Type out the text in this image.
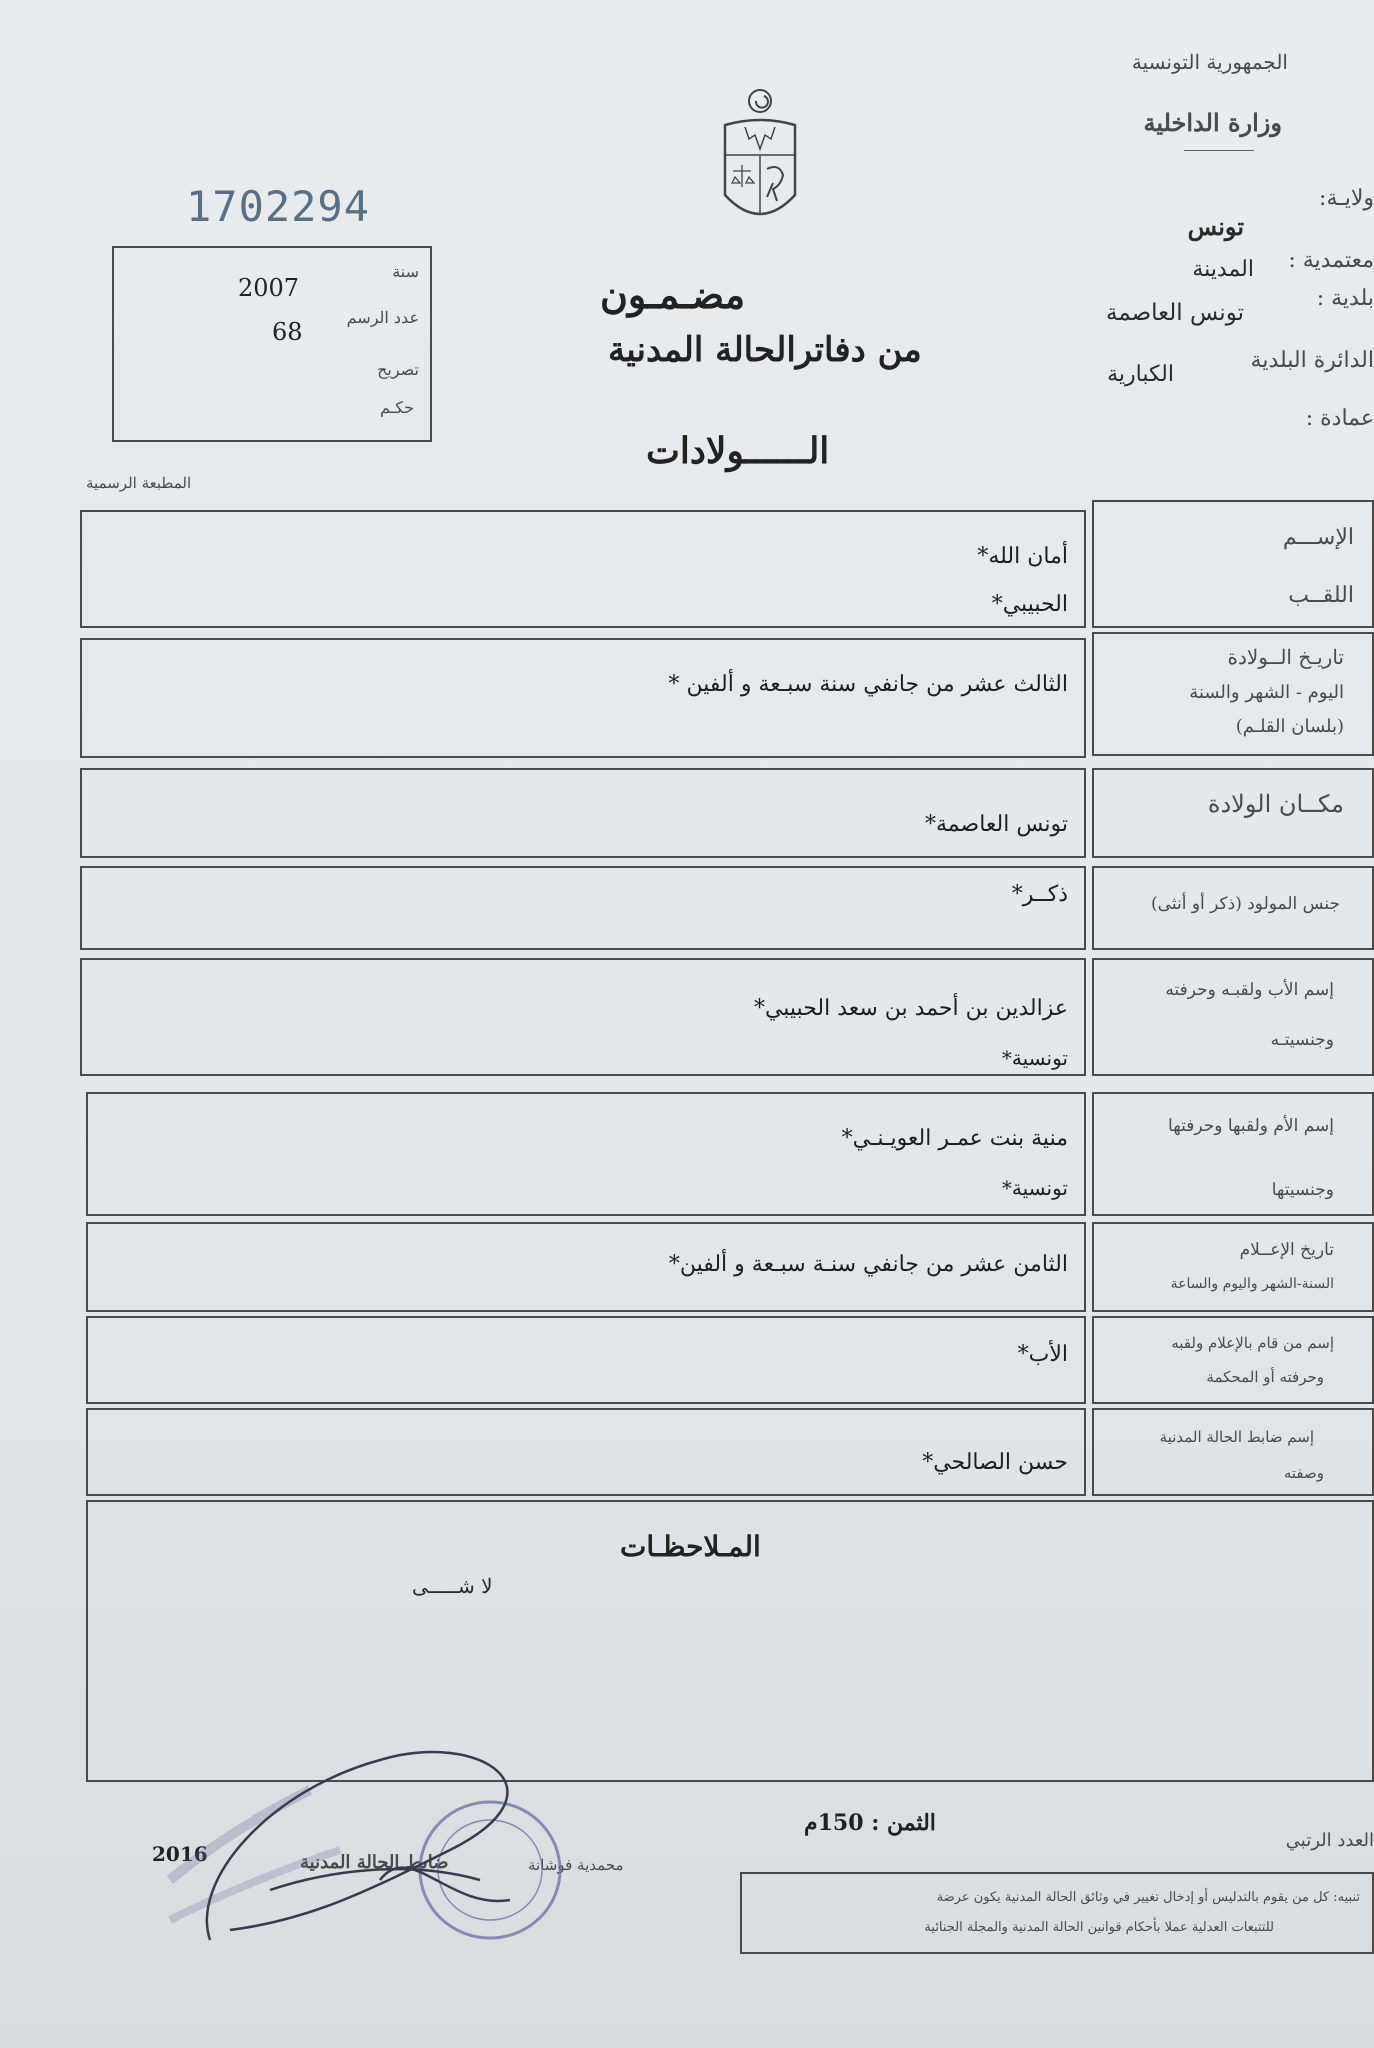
الجمهورية التونسية
وزارة الداخلية
ولايـة:
تونس
معتمدية :
المدينة
بلدية :
تونس العاصمة
الدائرة البلدية
الكبارية
عمادة :
1702294
سنة
2007
عدد الرسم
68
تصريح
حكـم
مضـمـون
من دفاترالحالة المدنية
الــــــولادات
المطبعة الرسمية
الإســـم
اللقــب
أمان الله*
الحبيبي*
تاريـخ الــولادة
اليوم - الشهر والسنة
(بلسان القلـم)
الثالث عشر من جانفي سنة سبـعة و ألفين *
مكــان الولادة
تونس العاصمة*
جنس المولود (ذكر أو أنثى)
ذكــر*
إسم الأب ولقبـه وحرفته
وجنسيتـه
عزالدين بن أحمد بن سعد الحبيبي*
تونسية*
إسم الأم ولقبها وحرفتها
وجنسيتها
منية بنت عمـر العويـنـي*
تونسية*
تاريخ الإعــلام
السنة-الشهر واليوم والساعة
الثامن عشر من جانفي سنـة سبـعة و ألفين*
إسم من قام بالإعلام ولقبه
وحرفته أو المحكمة
الأب*
إسم ضابط الحالة المدنية
وصفته
حسن الصالحي*
المـلاحظـات
لا شـــــى
الثمن : 150م
العدد الرتبي
2016	ضابط الحالة المدنية	محمدية فوشانة
تنبيه: كل من يقوم بالتدليس أو إدخال تغيير في وثائق الحالة المدنية يكون عرضة
للتتبعات العدلية عملا بأحكام قوانين الحالة المدنية والمجلة الجنائية
